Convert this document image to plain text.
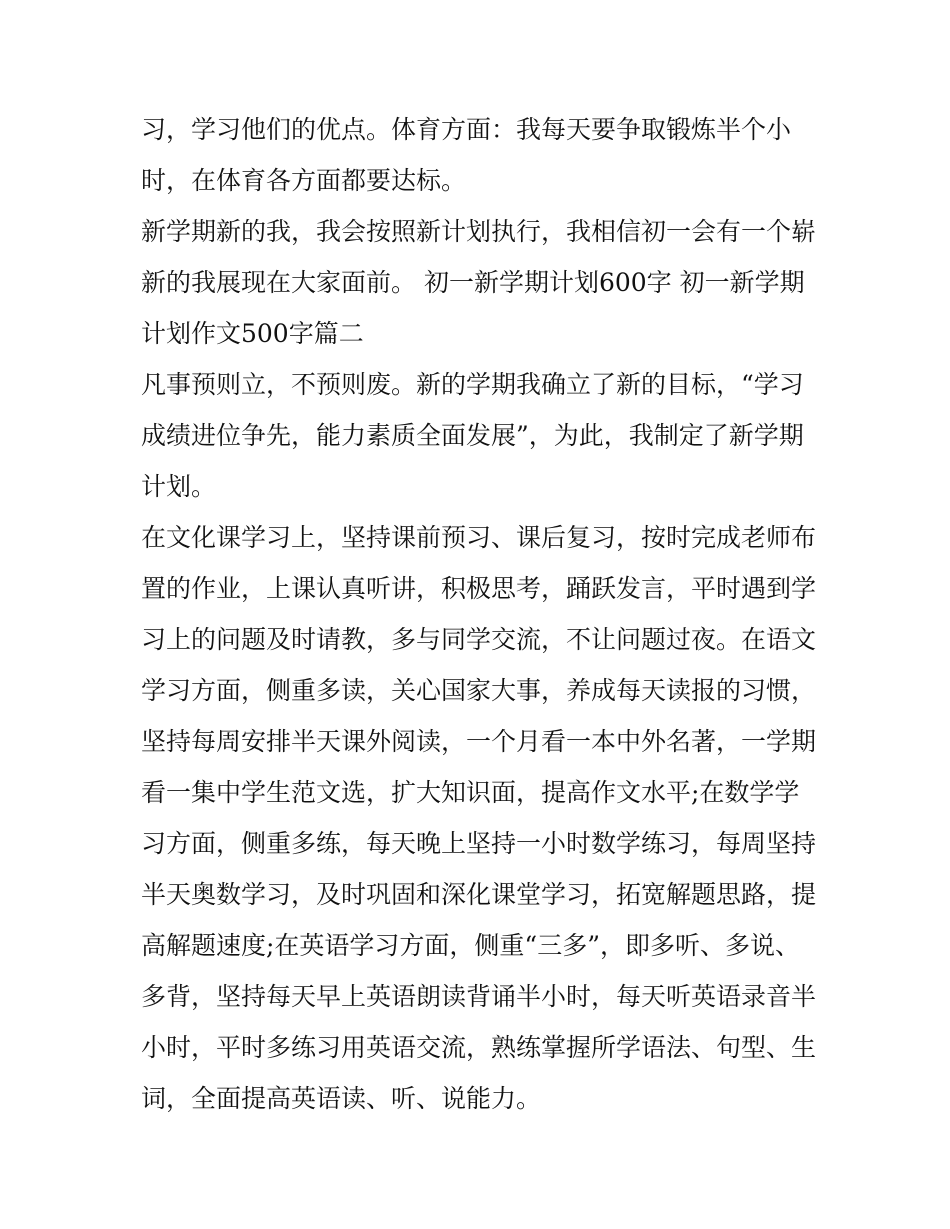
习，学习他们的优点。体育方面：我每天要争取锻炼半个小
时，在体育各方面都要达标。
新学期新的我，我会按照新计划执行，我相信初一会有一个崭
新的我展现在大家面前。 初一新学期计划600字 初一新学期
计划作文500字篇二
凡事预则立，不预则废。新的学期我确立了新的目标，“学习
成绩进位争先，能力素质全面发展”，为此，我制定了新学期
计划。
在文化课学习上，坚持课前预习、课后复习，按时完成老师布
置的作业，上课认真听讲，积极思考，踊跃发言，平时遇到学
习上的问题及时请教，多与同学交流，不让问题过夜。在语文
学习方面，侧重多读，关心国家大事，养成每天读报的习惯，
坚持每周安排半天课外阅读，一个月看一本中外名著，一学期
看一集中学生范文选，扩大知识面，提高作文水平;在数学学
习方面，侧重多练，每天晚上坚持一小时数学练习，每周坚持
半天奥数学习，及时巩固和深化课堂学习，拓宽解题思路，提
高解题速度;在英语学习方面，侧重“三多”，即多听、多说、
多背，坚持每天早上英语朗读背诵半小时，每天听英语录音半
小时，平时多练习用英语交流，熟练掌握所学语法、句型、生
词，全面提高英语读、听、说能力。
